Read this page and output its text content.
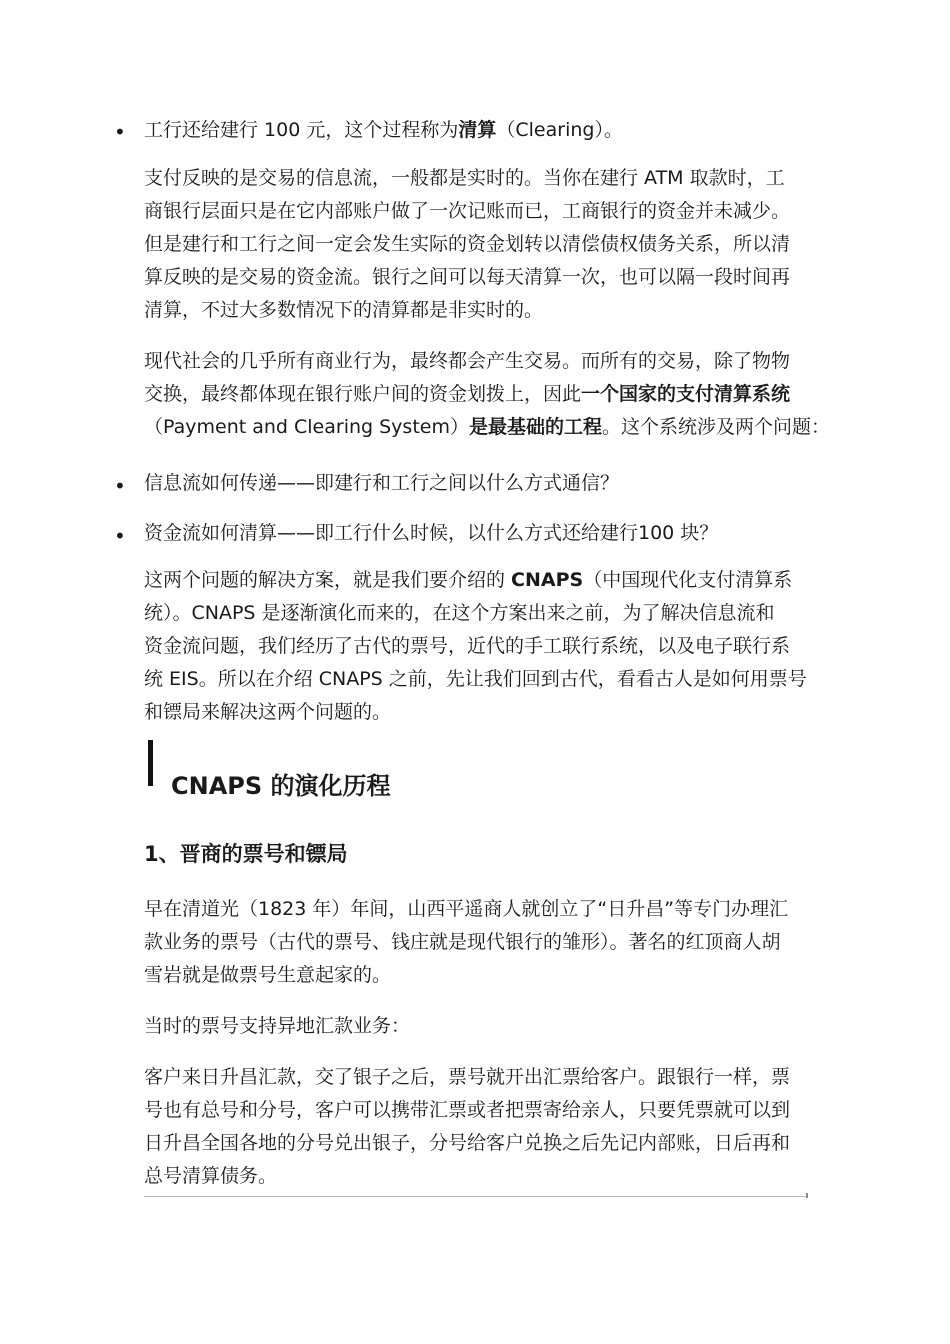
• 工行还给建行 100 元，这个过程称为清算（Clearing）。

支付反映的是交易的信息流，一般都是实时的。当你在建行 ATM 取款时，工

商银行层面只是在它内部账户做了一次记账而已，工商银行的资金并未减少。

但是建行和工行之间一定会发生实际的资金划转以清偿债权债务关系，所以清

算反映的是交易的资金流。银行之间可以每天清算一次，也可以隔一段时间再

清算，不过大多数情况下的清算都是非实时的。

现代社会的几乎所有商业行为，最终都会产生交易。而所有的交易，除了物物

交换，最终都体现在银行账户间的资金划拨上，因此一个国家的支付清算系统

（Payment and Clearing System）是最基础的工程。这个系统涉及两个问题：

• 信息流如何传递——即建行和工行之间以什么方式通信？

• 资金流如何清算——即工行什么时候，以什么方式还给建行100 块？

这两个问题的解决方案，就是我们要介绍的 CNAPS（中国现代化支付清算系

统）。CNAPS 是逐渐演化而来的，在这个方案出来之前，为了解决信息流和

资金流问题，我们经历了古代的票号，近代的手工联行系统，以及电子联行系

统 EIS。所以在介绍 CNAPS 之前，先让我们回到古代，看看古人是如何用票号

和镖局来解决这两个问题的。

CNAPS 的演化历程
1、晋商的票号和镖局

早在清道光（1823 年）年间，山西平遥商人就创立了“日升昌”等专门办理汇

款业务的票号（古代的票号、钱庄就是现代银行的雏形）。著名的红顶商人胡

雪岩就是做票号生意起家的。

当时的票号支持异地汇款业务：

客户来日升昌汇款，交了银子之后，票号就开出汇票给客户。跟银行一样，票

号也有总号和分号，客户可以携带汇票或者把票寄给亲人，只要凭票就可以到

日升昌全国各地的分号兑出银子，分号给客户兑换之后先记内部账，日后再和

总号清算债务。
